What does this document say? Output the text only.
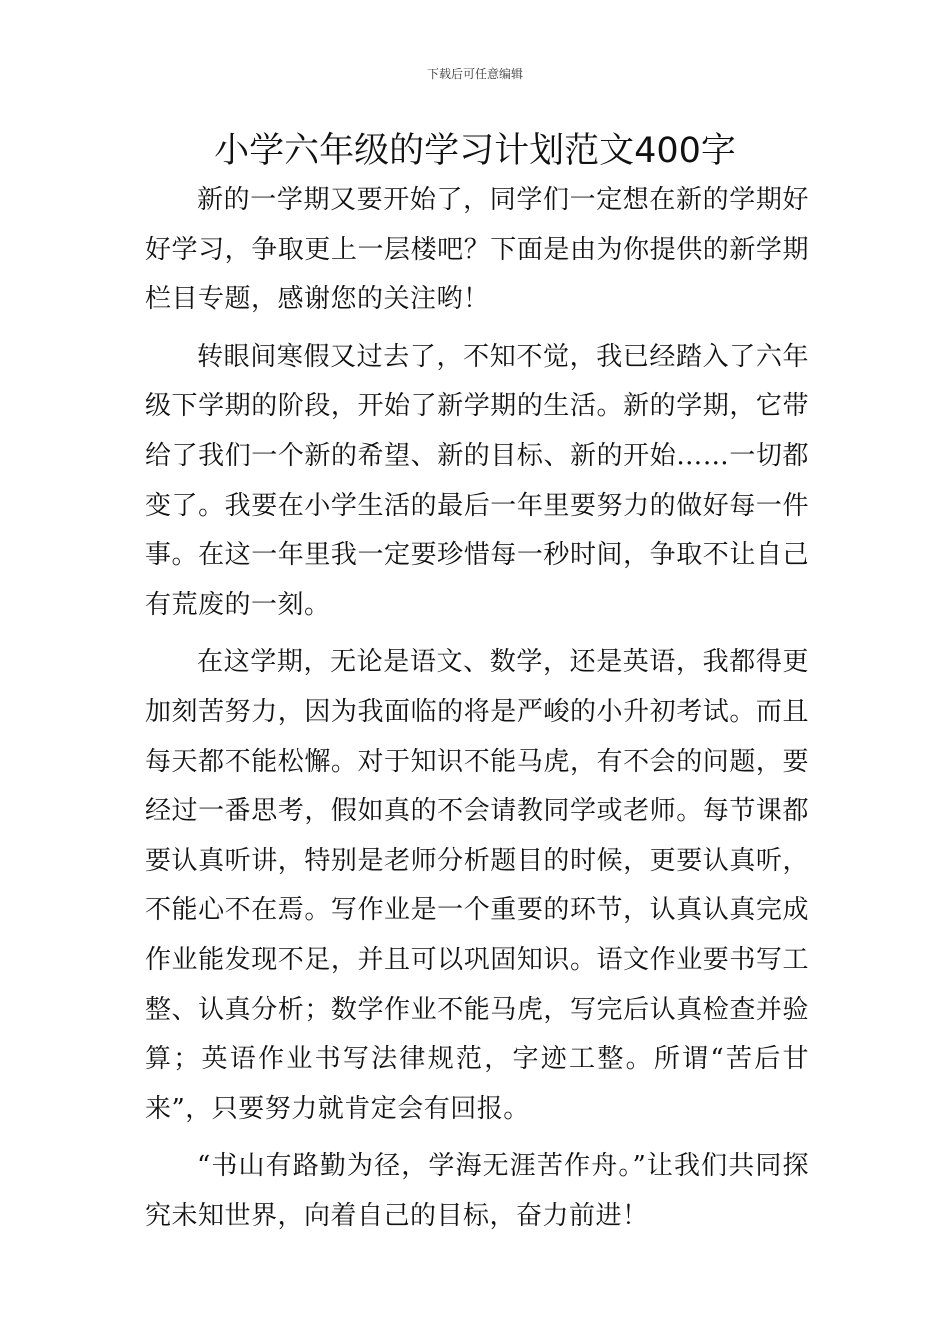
下载后可任意编辑
小学六年级的学习计划范文400字

新的一学期又要开始了，同学们一定想在新的学期好好学习，争取更上一层楼吧？下面是由为你提供的新学期栏目专题，感谢您的关注哟！

转眼间寒假又过去了，不知不觉，我已经踏入了六年级下学期的阶段，开始了新学期的生活。新的学期，它带给了我们一个新的希望、新的目标、新的开始……一切都变了。我要在小学生活的最后一年里要努力的做好每一件事。在这一年里我一定要珍惜每一秒时间，争取不让自己有荒废的一刻。

在这学期，无论是语文、数学，还是英语，我都得更加刻苦努力，因为我面临的将是严峻的小升初考试。而且每天都不能松懈。对于知识不能马虎，有不会的问题，要经过一番思考，假如真的不会请教同学或老师。每节课都要认真听讲，特别是老师分析题目的时候，更要认真听，不能心不在焉。写作业是一个重要的环节，认真认真完成作业能发现不足，并且可以巩固知识。语文作业要书写工整、认真分析；数学作业不能马虎，写完后认真检查并验算；英语作业书写法律规范，字迹工整。所谓“苦后甘来”，只要努力就肯定会有回报。

“书山有路勤为径，学海无涯苦作舟。”让我们共同探究未知世界，向着自己的目标，奋力前进！
